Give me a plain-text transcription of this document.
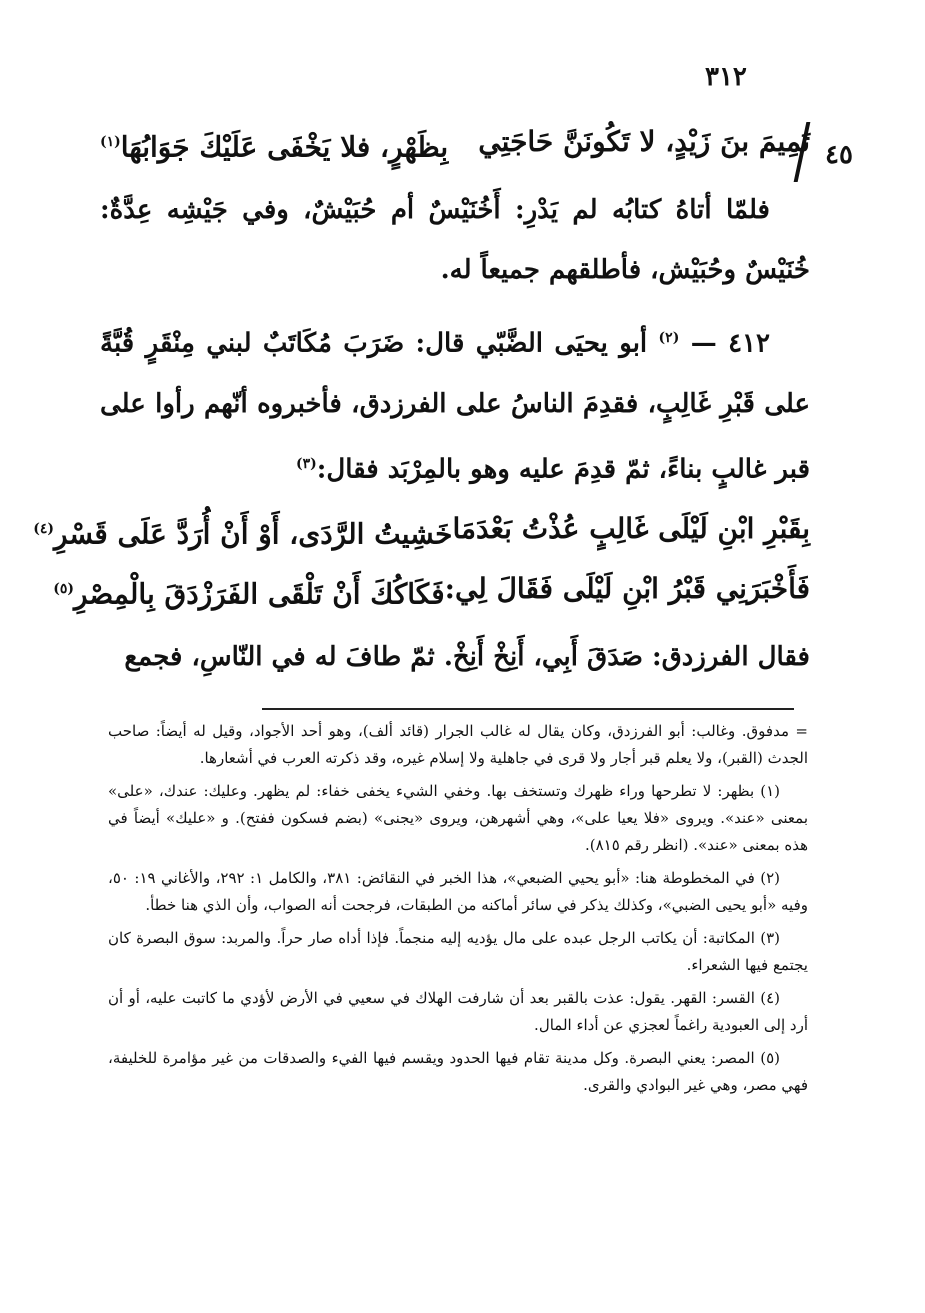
٣١٢
٤٥
تَمِيمَ بنَ زَيْدٍ، لا تَكُونَنَّ حَاجَتِي
بِظَهْرٍ، فلا يَخْفَى عَلَيْكَ جَوَابُهَا$^{(١)}$

فلمّا أتاهُ كتابُه لم يَدْرِ: أَخُنَيْسٌ أم حُبَيْشٌ، وفي جَيْشِه عِدَّةٌ: خُنَيْسٌ وحُبَيْش، فأطلقهم جميعاً له.

٤١٢ — $^{(٢)}$ أبو يحيَى الضَّبّي قال: ضَرَبَ مُكَاتَبٌ لبني مِنْقَرٍ قُبَّةً على قَبْرِ غَالِبٍ، فقدِمَ الناسُ على الفرزدق، فأخبروه أنّهم رأوا على قبر غالبٍ بناءً، ثمّ قدِمَ عليه وهو بالمِرْبَد فقال:$^{(٣)}$

بِقَبْرِ ابْنِ لَيْلَى غَالِبٍ عُذْتُ بَعْدَمَا
خَشِيتُ الرَّدَى، أَوْ أَنْ أُرَدَّ عَلَى قَسْرِ$^{(٤)}$
فَأَخْبَرَنِي قَبْرُ ابْنِ لَيْلَى فَقَالَ لِي:
فَكَاكُكَ أَنْ تَلْقَى الفَرَزْدَقَ بِالْمِصْرِ$^{(٥)}$

فقال الفرزدق: صَدَقَ أَبِي، أَنِخْ أَنِخْ. ثمّ طافَ له في النّاسِ، فجمع

= مدفوق. وغالب: أبو الفرزدق، وكان يقال له غالب الجرار (قائد ألف)، وهو أحد الأجواد، وقيل له أيضاً: صاحب الجدث (القبر)، ولا يعلم قبر أجار ولا قرى في جاهلية ولا إسلام غيره، وقد ذكرته العرب في أشعارها.

(١) بظهر: لا تطرحها وراء ظهرك وتستخف بها. وخفي الشيء يخفى خفاء: لم يظهر. وعليك: عندك، «على» بمعنى «عند». ويروى «فلا يعيا على»، وهي أشهرهن، ويروى «يجنى» (بضم فسكون ففتح). و «عليك» أيضاً في هذه بمعنى «عند». (انظر رقم ٨١٥).

(٢) في المخطوطة هنا: «أبو يحيي الضبعي»، هذا الخبر في النقائض: ٣٨١، والكامل ١: ٢٩٢، والأغاني ١٩: ٥٠، وفيه «أبو يحيى الضبي»، وكذلك يذكر في سائر أماكنه من الطبقات، فرجحت أنه الصواب، وأن الذي هنا خطأ.

(٣) المكاتبة: أن يكاتب الرجل عبده على مال يؤديه إليه منجماً. فإذا أداه صار حراً. والمربد: سوق البصرة كان يجتمع فيها الشعراء.

(٤) القسر: القهر. يقول: عذت بالقبر بعد أن شارفت الهلاك في سعيي في الأرض لأؤدي ما كاتبت عليه، أو أن أرد إلى العبودية راغماً لعجزي عن أداء المال.

(٥) المصر: يعني البصرة. وكل مدينة تقام فيها الحدود ويقسم فيها الفيء والصدقات من غير مؤامرة للخليفة، فهي مصر، وهي غير البوادي والقرى.
